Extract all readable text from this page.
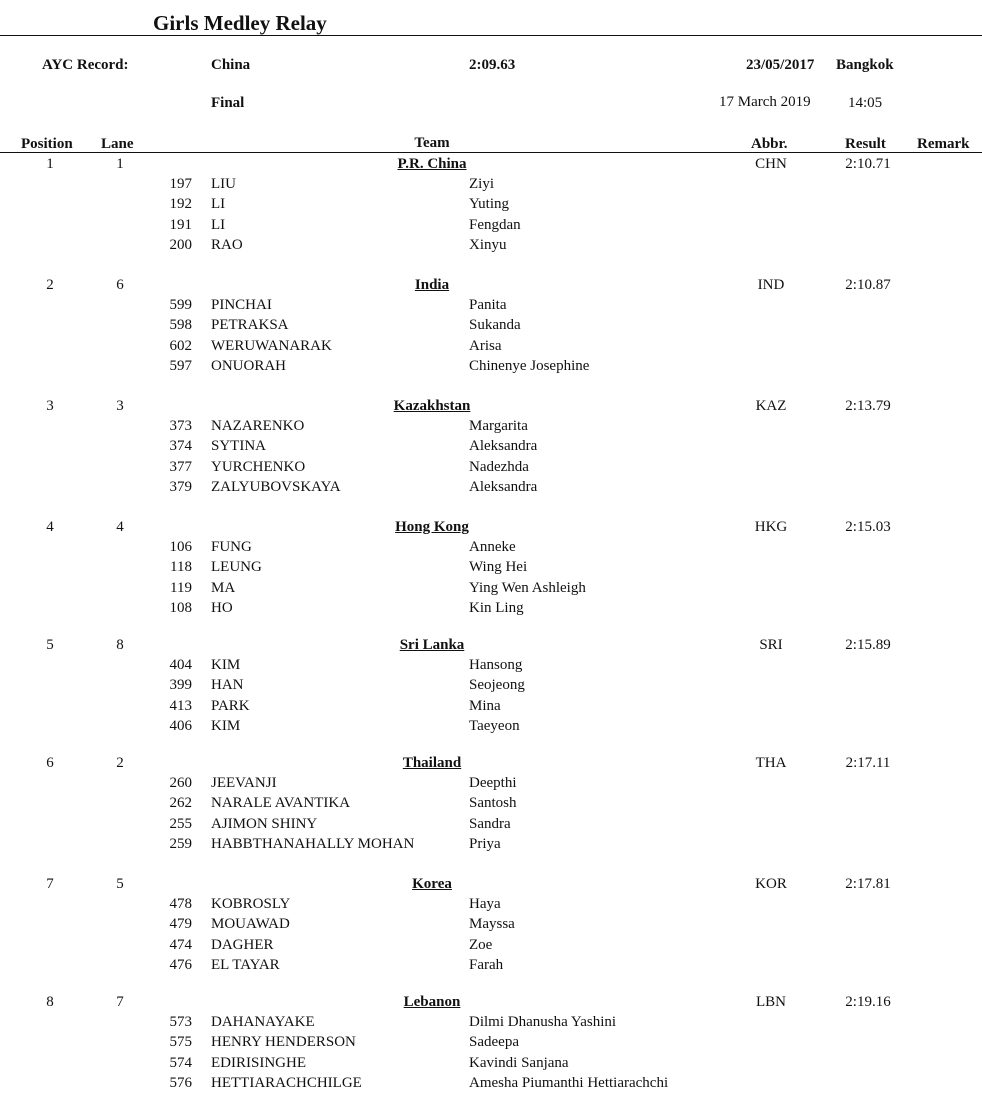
Girls Medley Relay
AYC Record:	China	2:09.63	23/05/2017 Bangkok
Final	17 March 2019 14:05
Position Lane	Team	Abbr.	Result Remark
1	1	P.R. China	CHN	2:10.71
197 LIU	Ziyi
192 LI	Yuting
191 LI	Fengdan
200 RAO	Xinyu
2	6	India	IND	2:10.87
599 PINCHAI	Panita
598 PETRAKSA	Sukanda
602 WERUWANARAK	Arisa
597 ONUORAH	Chinenye Josephine
3	3	Kazakhstan	KAZ	2:13.79
373 NAZARENKO	Margarita
374 SYTINA	Aleksandra
377 YURCHENKO	Nadezhda
379 ZALYUBOVSKAYA	Aleksandra
4	4	Hong Kong	HKG	2:15.03
106 FUNG	Anneke
118 LEUNG	Wing Hei
119 MA	Ying Wen Ashleigh
108 HO	Kin Ling
5	8	Sri Lanka	SRI	2:15.89
404 KIM	Hansong
399 HAN	Seojeong
413 PARK	Mina
406 KIM	Taeyeon
6	2	Thailand	THA	2:17.11
260 JEEVANJI	Deepthi
262 NARALE AVANTIKA	Santosh
255 AJIMON SHINY	Sandra
259 HABBTHANAHALLY MOHAN	Priya
7	5	Korea	KOR	2:17.81
478 KOBROSLY	Haya
479 MOUAWAD	Mayssa
474 DAGHER	Zoe
476 EL TAYAR	Farah
8	7	Lebanon	LBN	2:19.16
573 DAHANAYAKE	Dilmi Dhanusha Yashini
575 HENRY HENDERSON	Sadeepa
574 EDIRISINGHE	Kavindi Sanjana
576 HETTIARACHCHILGE	Amesha Piumanthi Hettiarachchi
